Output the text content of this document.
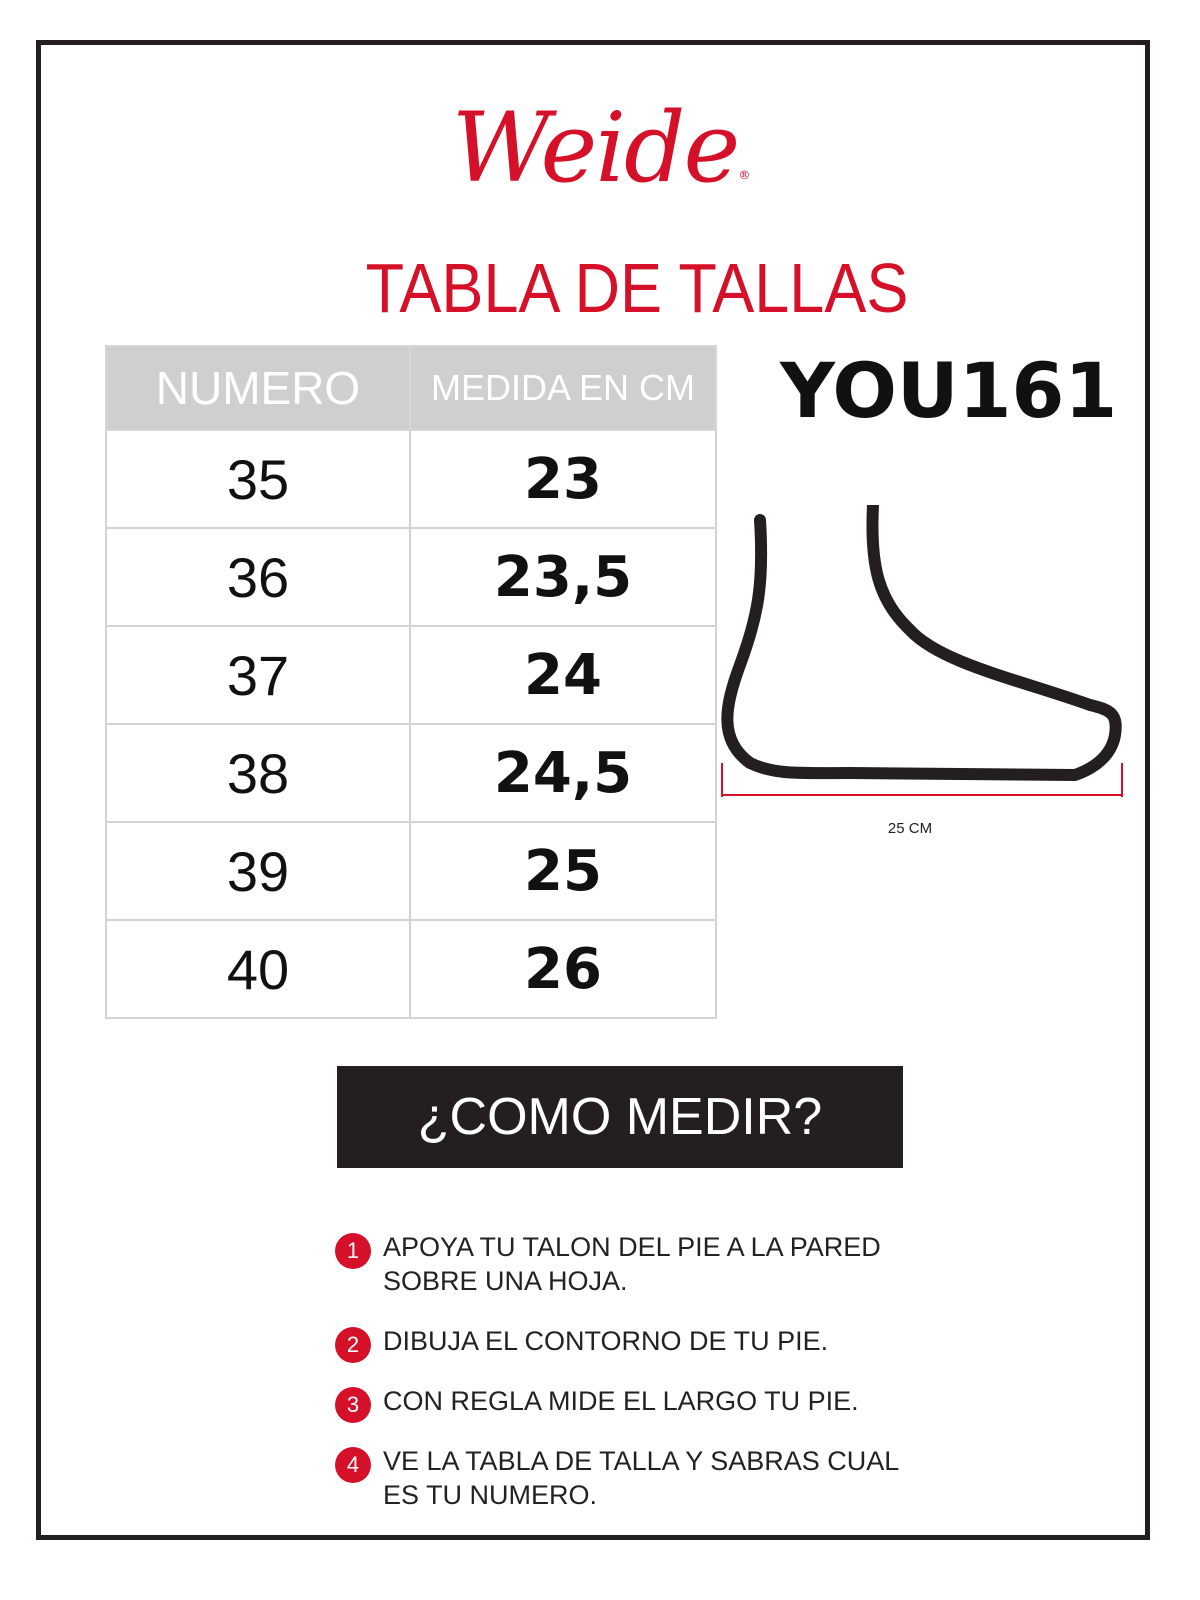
Weide®
TABLA DE TALLAS
YOU161
NUMERO	MEDIDA EN CM
35	23
36	23,5
37	24
38	24,5
39	25
40	26
25 CM
¿COMO MEDIR?
1 APOYA TU TALON DEL PIE A LA PARED
SOBRE UNA HOJA.
2 DIBUJA EL CONTORNO DE TU PIE.
3 CON REGLA MIDE EL LARGO TU PIE.
4 VE LA TABLA DE TALLA Y SABRAS CUAL
ES TU NUMERO.
